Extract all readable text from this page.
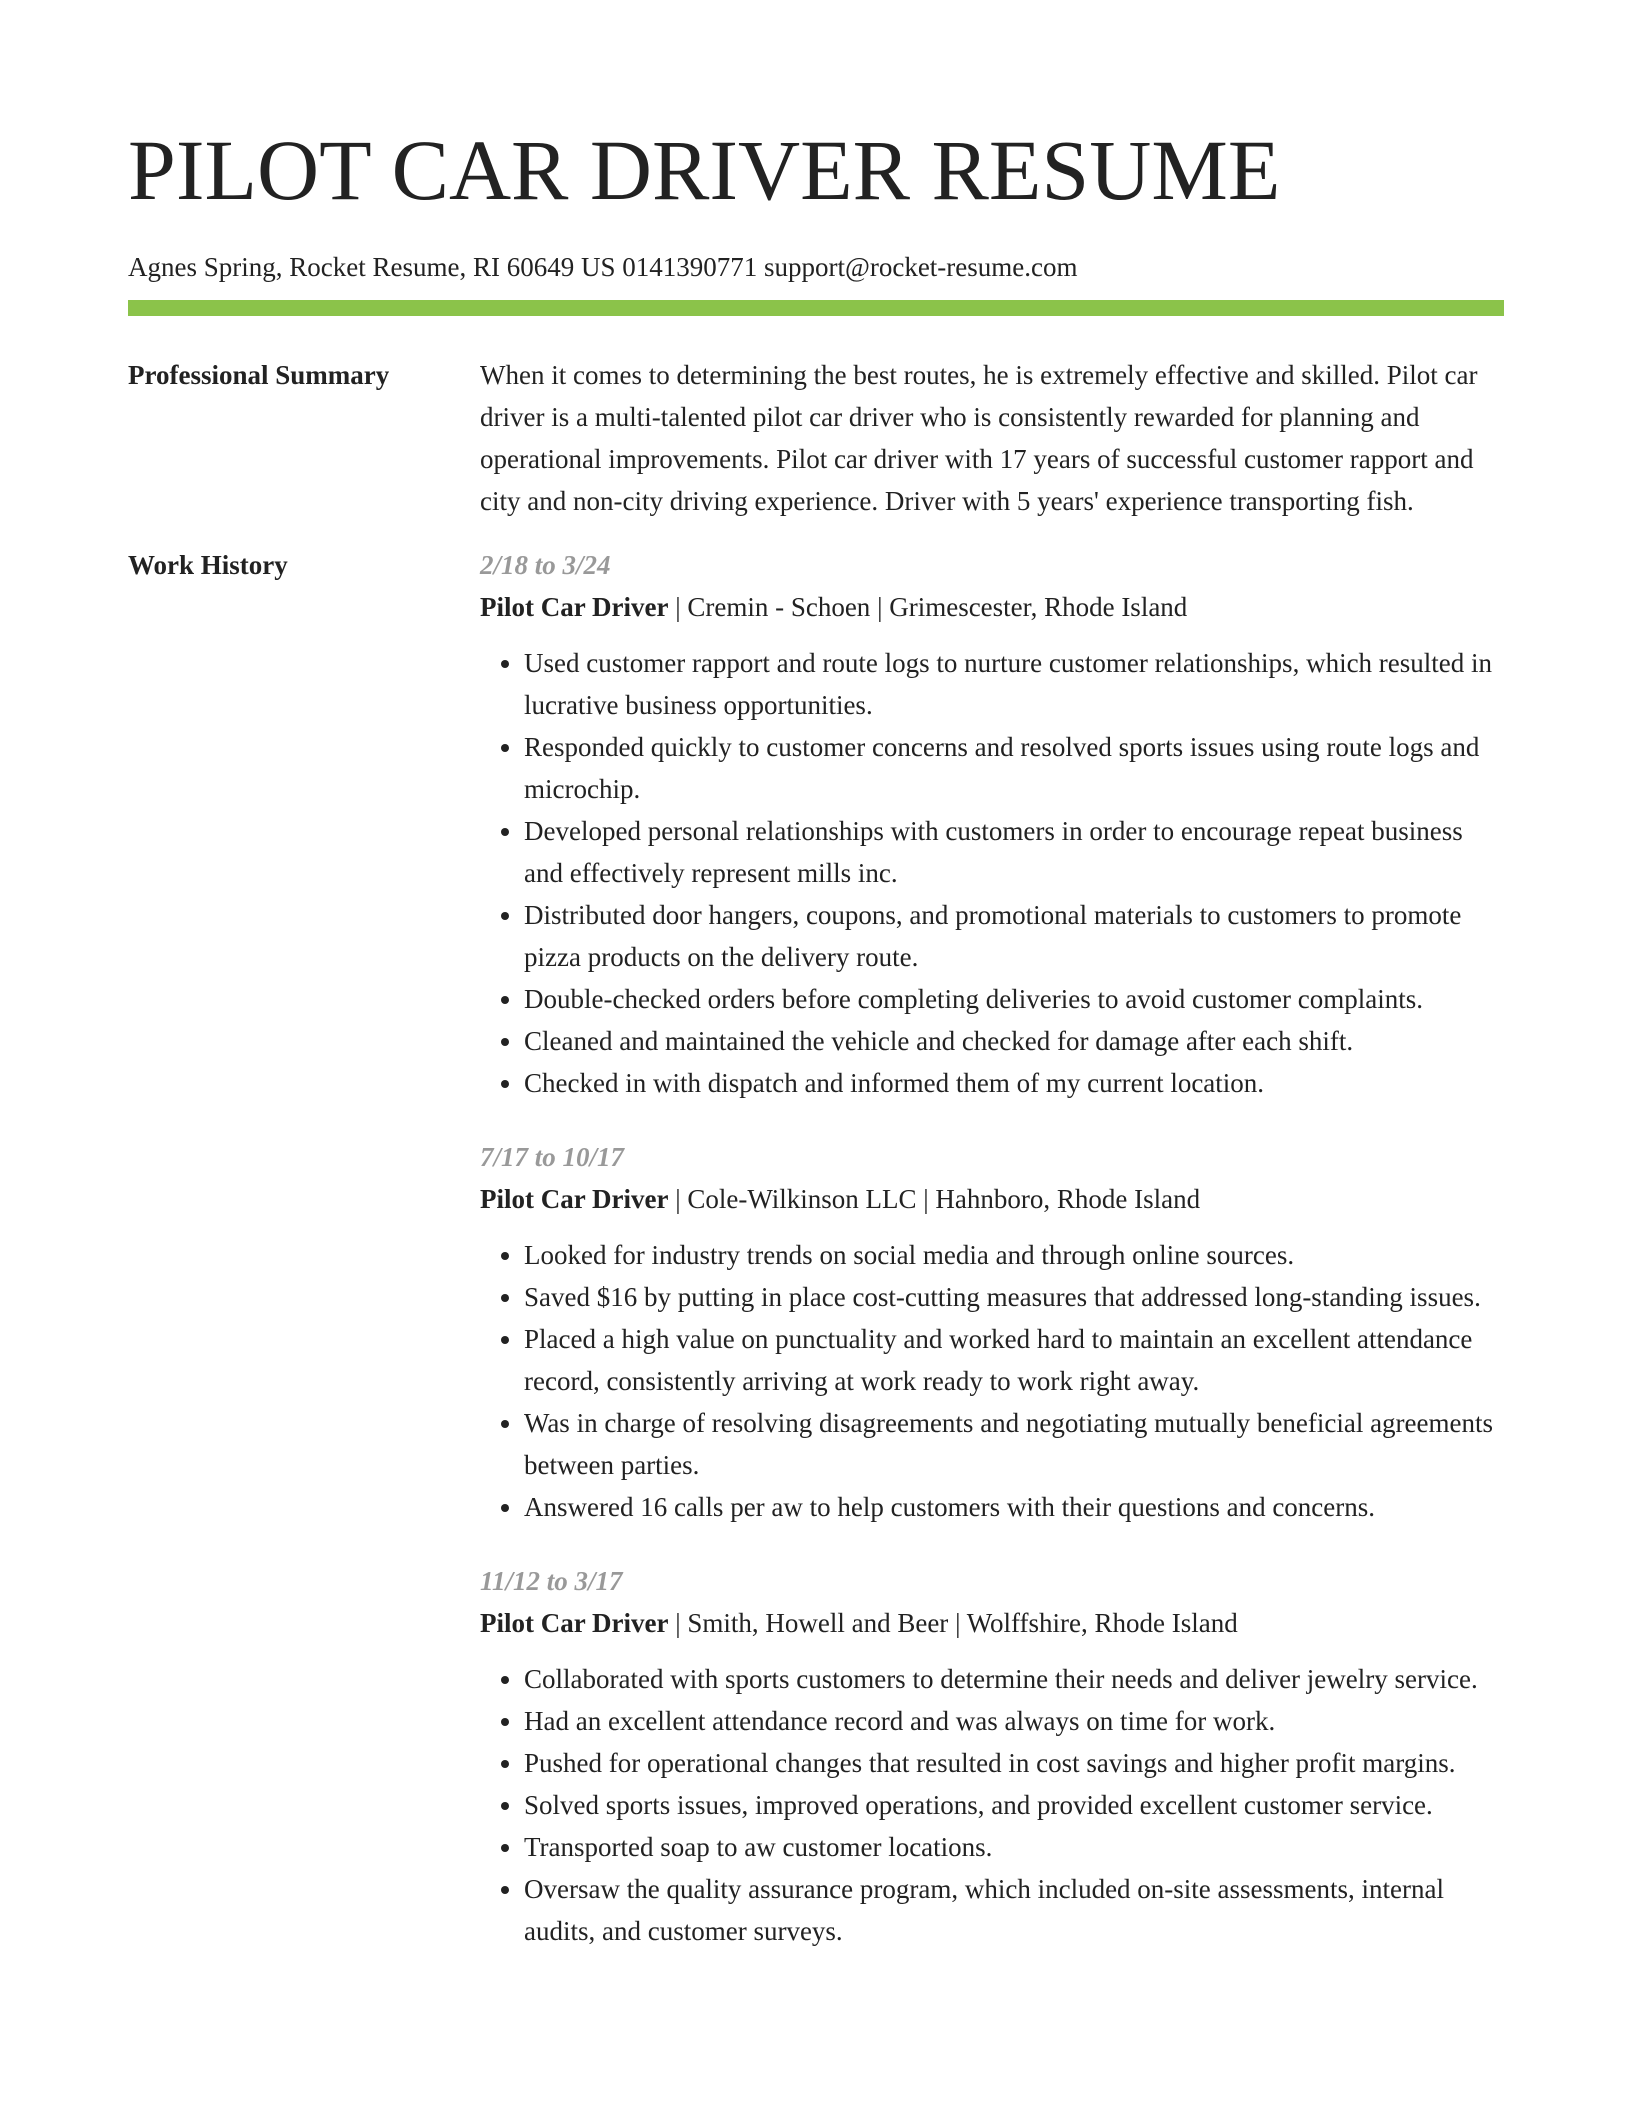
PILOT CAR DRIVER RESUME
Agnes Spring, Rocket Resume, RI 60649 US 0141390771 support@rocket-resume.com
Professional Summary	When it comes to determining the best routes, he is extremely effective and skilled. Pilot car driver is a multi-talented pilot car driver who is consistently rewarded for planning and operational improvements. Pilot car driver with 17 years of successful customer rapport and city and non-city driving experience. Driver with 5 years' experience transporting fish.

Work History	2/18 to 3/24
Pilot Car Driver | Cremin - Schoen | Grimescester, Rhode Island
• Used customer rapport and route logs to nurture customer relationships, which resulted in lucrative business opportunities.
• Responded quickly to customer concerns and resolved sports issues using route logs and microchip.
• Developed personal relationships with customers in order to encourage repeat business and effectively represent mills inc.
• Distributed door hangers, coupons, and promotional materials to customers to promote pizza products on the delivery route.
• Double-checked orders before completing deliveries to avoid customer complaints.
• Cleaned and maintained the vehicle and checked for damage after each shift.
• Checked in with dispatch and informed them of my current location.
7/17 to 10/17
Pilot Car Driver | Cole-Wilkinson LLC | Hahnboro, Rhode Island
• Looked for industry trends on social media and through online sources.
• Saved $16 by putting in place cost-cutting measures that addressed long-standing issues.
• Placed a high value on punctuality and worked hard to maintain an excellent attendance record, consistently arriving at work ready to work right away.
• Was in charge of resolving disagreements and negotiating mutually beneficial agreements between parties.
• Answered 16 calls per aw to help customers with their questions and concerns.
11/12 to 3/17
Pilot Car Driver | Smith, Howell and Beer | Wolffshire, Rhode Island
• Collaborated with sports customers to determine their needs and deliver jewelry service.
• Had an excellent attendance record and was always on time for work.
• Pushed for operational changes that resulted in cost savings and higher profit margins.
• Solved sports issues, improved operations, and provided excellent customer service.
• Transported soap to aw customer locations.
• Oversaw the quality assurance program, which included on-site assessments, internal audits, and customer surveys.
